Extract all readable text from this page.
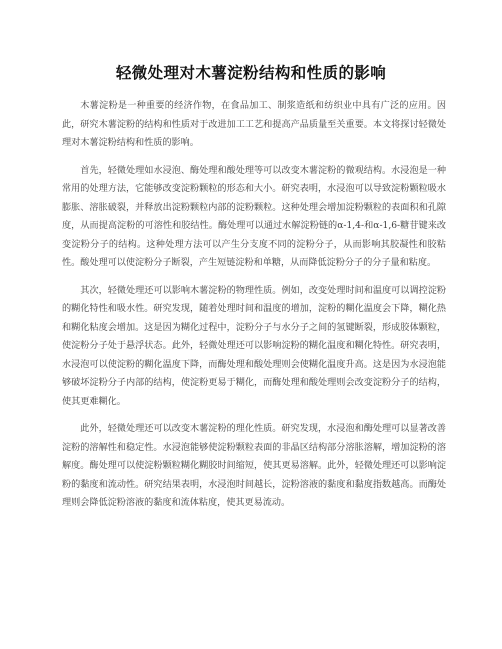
轻微处理对木薯淀粉结构和性质的影响

木薯淀粉是一种重要的经济作物，在食品加工、制浆造纸和纺织业中具有广泛的应用。因此，研究木薯淀粉的结构和性质对于改进加工工艺和提高产品质量至关重要。本文将探讨轻微处理对木薯淀粉结构和性质的影响。

首先，轻微处理如水浸泡、酶处理和酸处理等可以改变木薯淀粉的微观结构。水浸泡是一种常用的处理方法，它能够改变淀粉颗粒的形态和大小。研究表明，水浸泡可以导致淀粉颗粒吸水膨胀、溶胀破裂，并释放出淀粉颗粒内部的淀粉颗粒。这种处理会增加淀粉颗粒的表面积和孔隙度，从而提高淀粉的可溶性和胶结性。酶处理可以通过水解淀粉链的α-1,4-和α-1,6-糖苷键来改变淀粉分子的结构。这种处理方法可以产生分支度不同的淀粉分子，从而影响其胶凝性和胶粘性。酸处理可以使淀粉分子断裂，产生短链淀粉和单糖，从而降低淀粉分子的分子量和粘度。

其次，轻微处理还可以影响木薯淀粉的物理性质。例如，改变处理时间和温度可以调控淀粉的糊化特性和吸水性。研究发现，随着处理时间和温度的增加，淀粉的糊化温度会下降，糊化热和糊化粘度会增加。这是因为糊化过程中，淀粉分子与水分子之间的氢键断裂，形成胶体颗粒，使淀粉分子处于悬浮状态。此外，轻微处理还可以影响淀粉的糊化温度和糊化特性。研究表明，水浸泡可以使淀粉的糊化温度下降，而酶处理和酸处理则会使糊化温度升高。这是因为水浸泡能够破坏淀粉分子内部的结构，使淀粉更易于糊化，而酶处理和酸处理则会改变淀粉分子的结构，使其更难糊化。

此外，轻微处理还可以改变木薯淀粉的理化性质。研究发现，水浸泡和酶处理可以显著改善淀粉的溶解性和稳定性。水浸泡能够使淀粉颗粒表面的非晶区结构部分溶胀溶解，增加淀粉的溶解度。酶处理可以使淀粉颗粒糊化糊胶时间缩短，使其更易溶解。此外，轻微处理还可以影响淀粉的黏度和流动性。研究结果表明，水浸泡时间越长，淀粉溶液的黏度和黏度指数越高。而酶处理则会降低淀粉溶液的黏度和流体粘度，使其更易流动。
